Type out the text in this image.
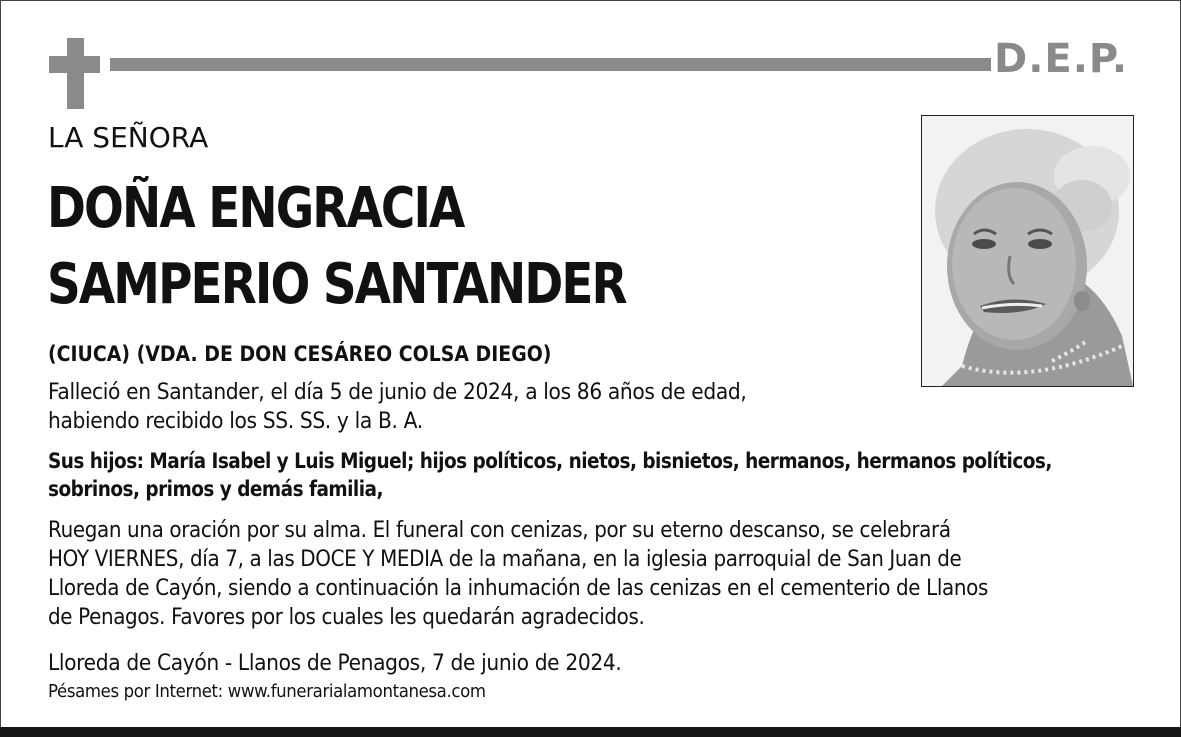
D.E.P.
LA SEÑORA
DOÑA ENGRACIA
SAMPERIO SANTANDER
(CIUCA) (VDA. DE DON CESÁREO COLSA DIEGO)
Falleció en Santander, el día 5 de junio de 2024, a los 86 años de edad,
habiendo recibido los SS. SS. y la B. A.
Sus hijos: María Isabel y Luis Miguel; hijos políticos, nietos, bisnietos, hermanos, hermanos políticos,
sobrinos, primos y demás familia,
Ruegan una oración por su alma. El funeral con cenizas, por su eterno descanso, se celebrará
HOY VIERNES, día 7, a las DOCE Y MEDIA de la mañana, en la iglesia parroquial de San Juan de
Lloreda de Cayón, siendo a continuación la inhumación de las cenizas en el cementerio de Llanos
de Penagos. Favores por los cuales les quedarán agradecidos.
Lloreda de Cayón - Llanos de Penagos, 7 de junio de 2024.
Pésames por Internet: www.funerarialamontanesa.com
